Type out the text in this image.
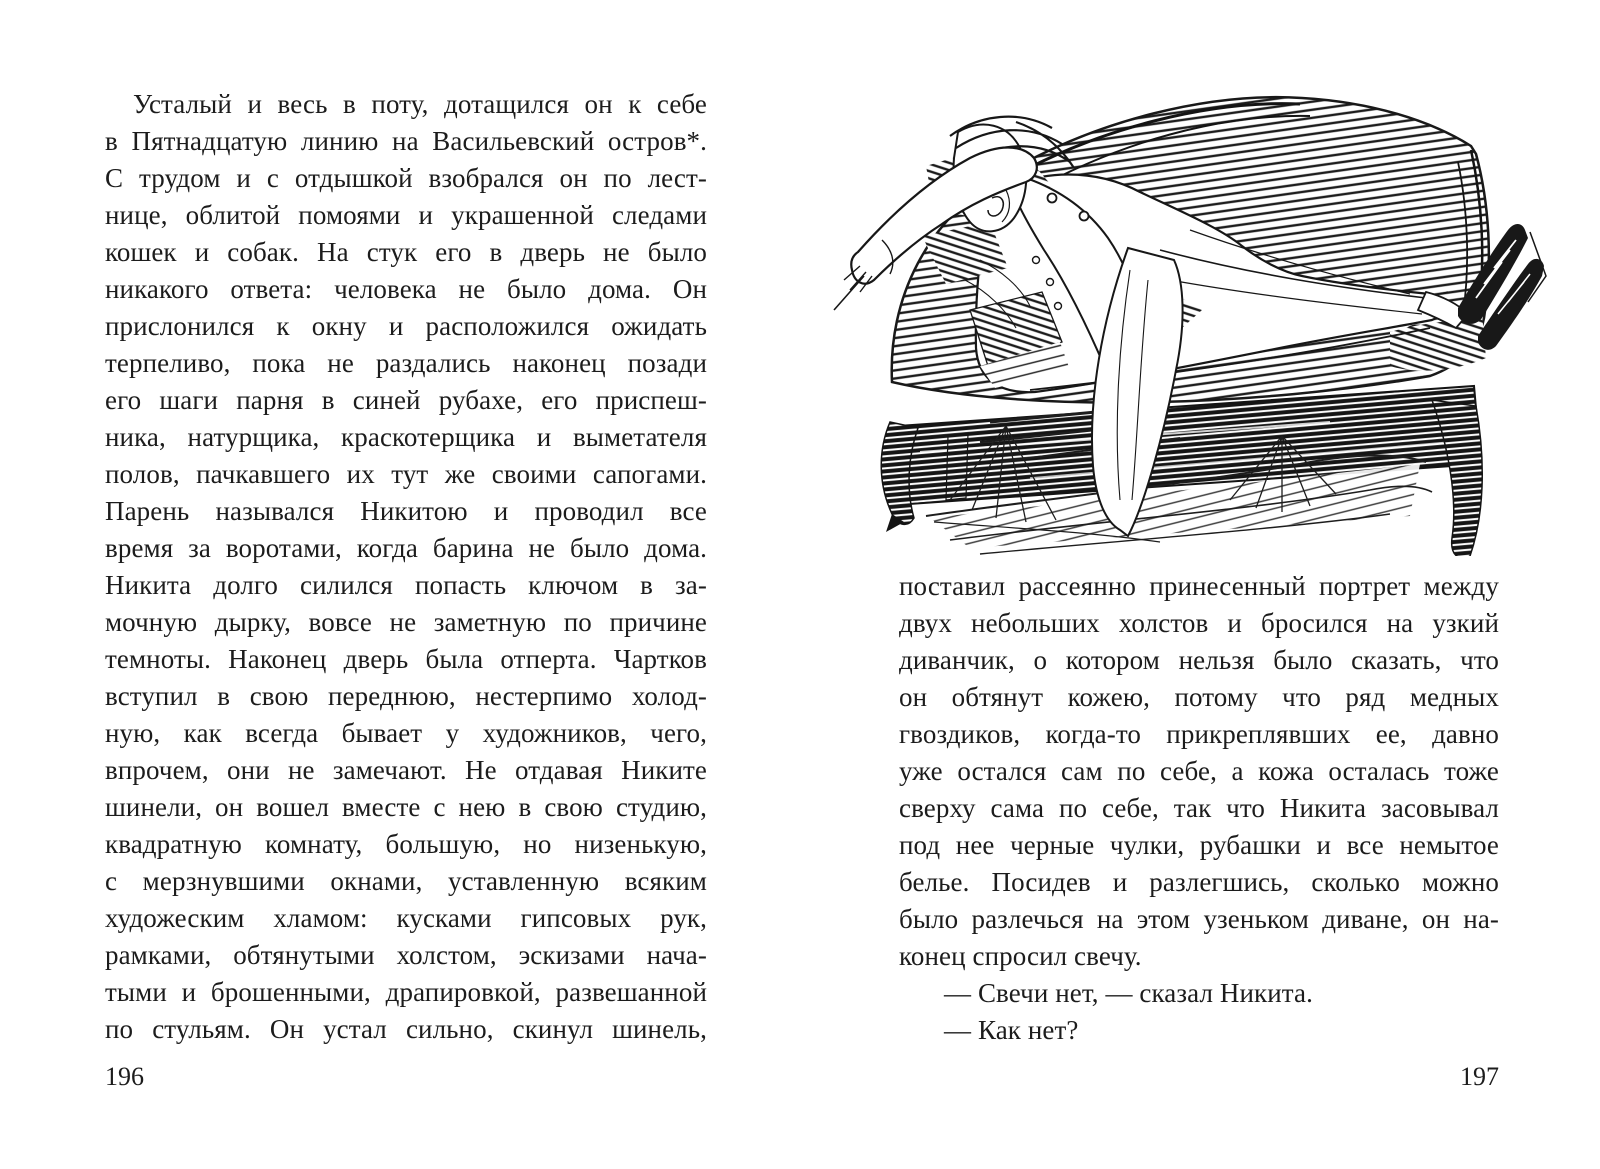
Усталый и весь в поту, дотащился он к себе
в Пятнадцатую линию на Васильевский остров*.
С трудом и с отдышкой взобрался он по лест-
нице, облитой помоями и украшенной следами
кошек и собак. На стук его в дверь не было
никакого ответа: человека не было дома. Он
прислонился к окну и расположился ожидать
терпеливо, пока не раздались наконец позади
его шаги парня в синей рубахе, его приспеш-
ника, натурщика, краскотерщика и выметателя
полов, пачкавшего их тут же своими сапогами.
Парень назывался Никитою и проводил все
время за воротами, когда барина не было дома.
Никита долго силился попасть ключом в за-
мочную дырку, вовсе не заметную по причине
темноты. Наконец дверь была отперта. Чартков
вступил в свою переднюю, нестерпимо холод-
ную, как всегда бывает у художников, чего,
впрочем, они не замечают. Не отдавая Никите
шинели, он вошел вместе с нею в свою студию,
квадратную комнату, большую, но низенькую,
с мерзнувшими окнами, уставленную всяким
художеским хламом: кусками гипсовых рук,
рамками, обтянутыми холстом, эскизами нача-
тыми и брошенными, драпировкой, развешанной
по стульям. Он устал сильно, скинул шинель,
196
поставил рассеянно принесенный портрет между
двух небольших холстов и бросился на узкий
диванчик, о котором нельзя было сказать, что
он обтянут кожею, потому что ряд медных
гвоздиков, когда-то прикреплявших ее, давно
уже остался сам по себе, а кожа осталась тоже
сверху сама по себе, так что Никита засовывал
под нее черные чулки, рубашки и все немытое
белье. Посидев и разлегшись, сколько можно
было разлечься на этом узеньком диване, он на-
конец спросил свечу.
— Свечи нет, — сказал Никита.
— Как нет?
197
